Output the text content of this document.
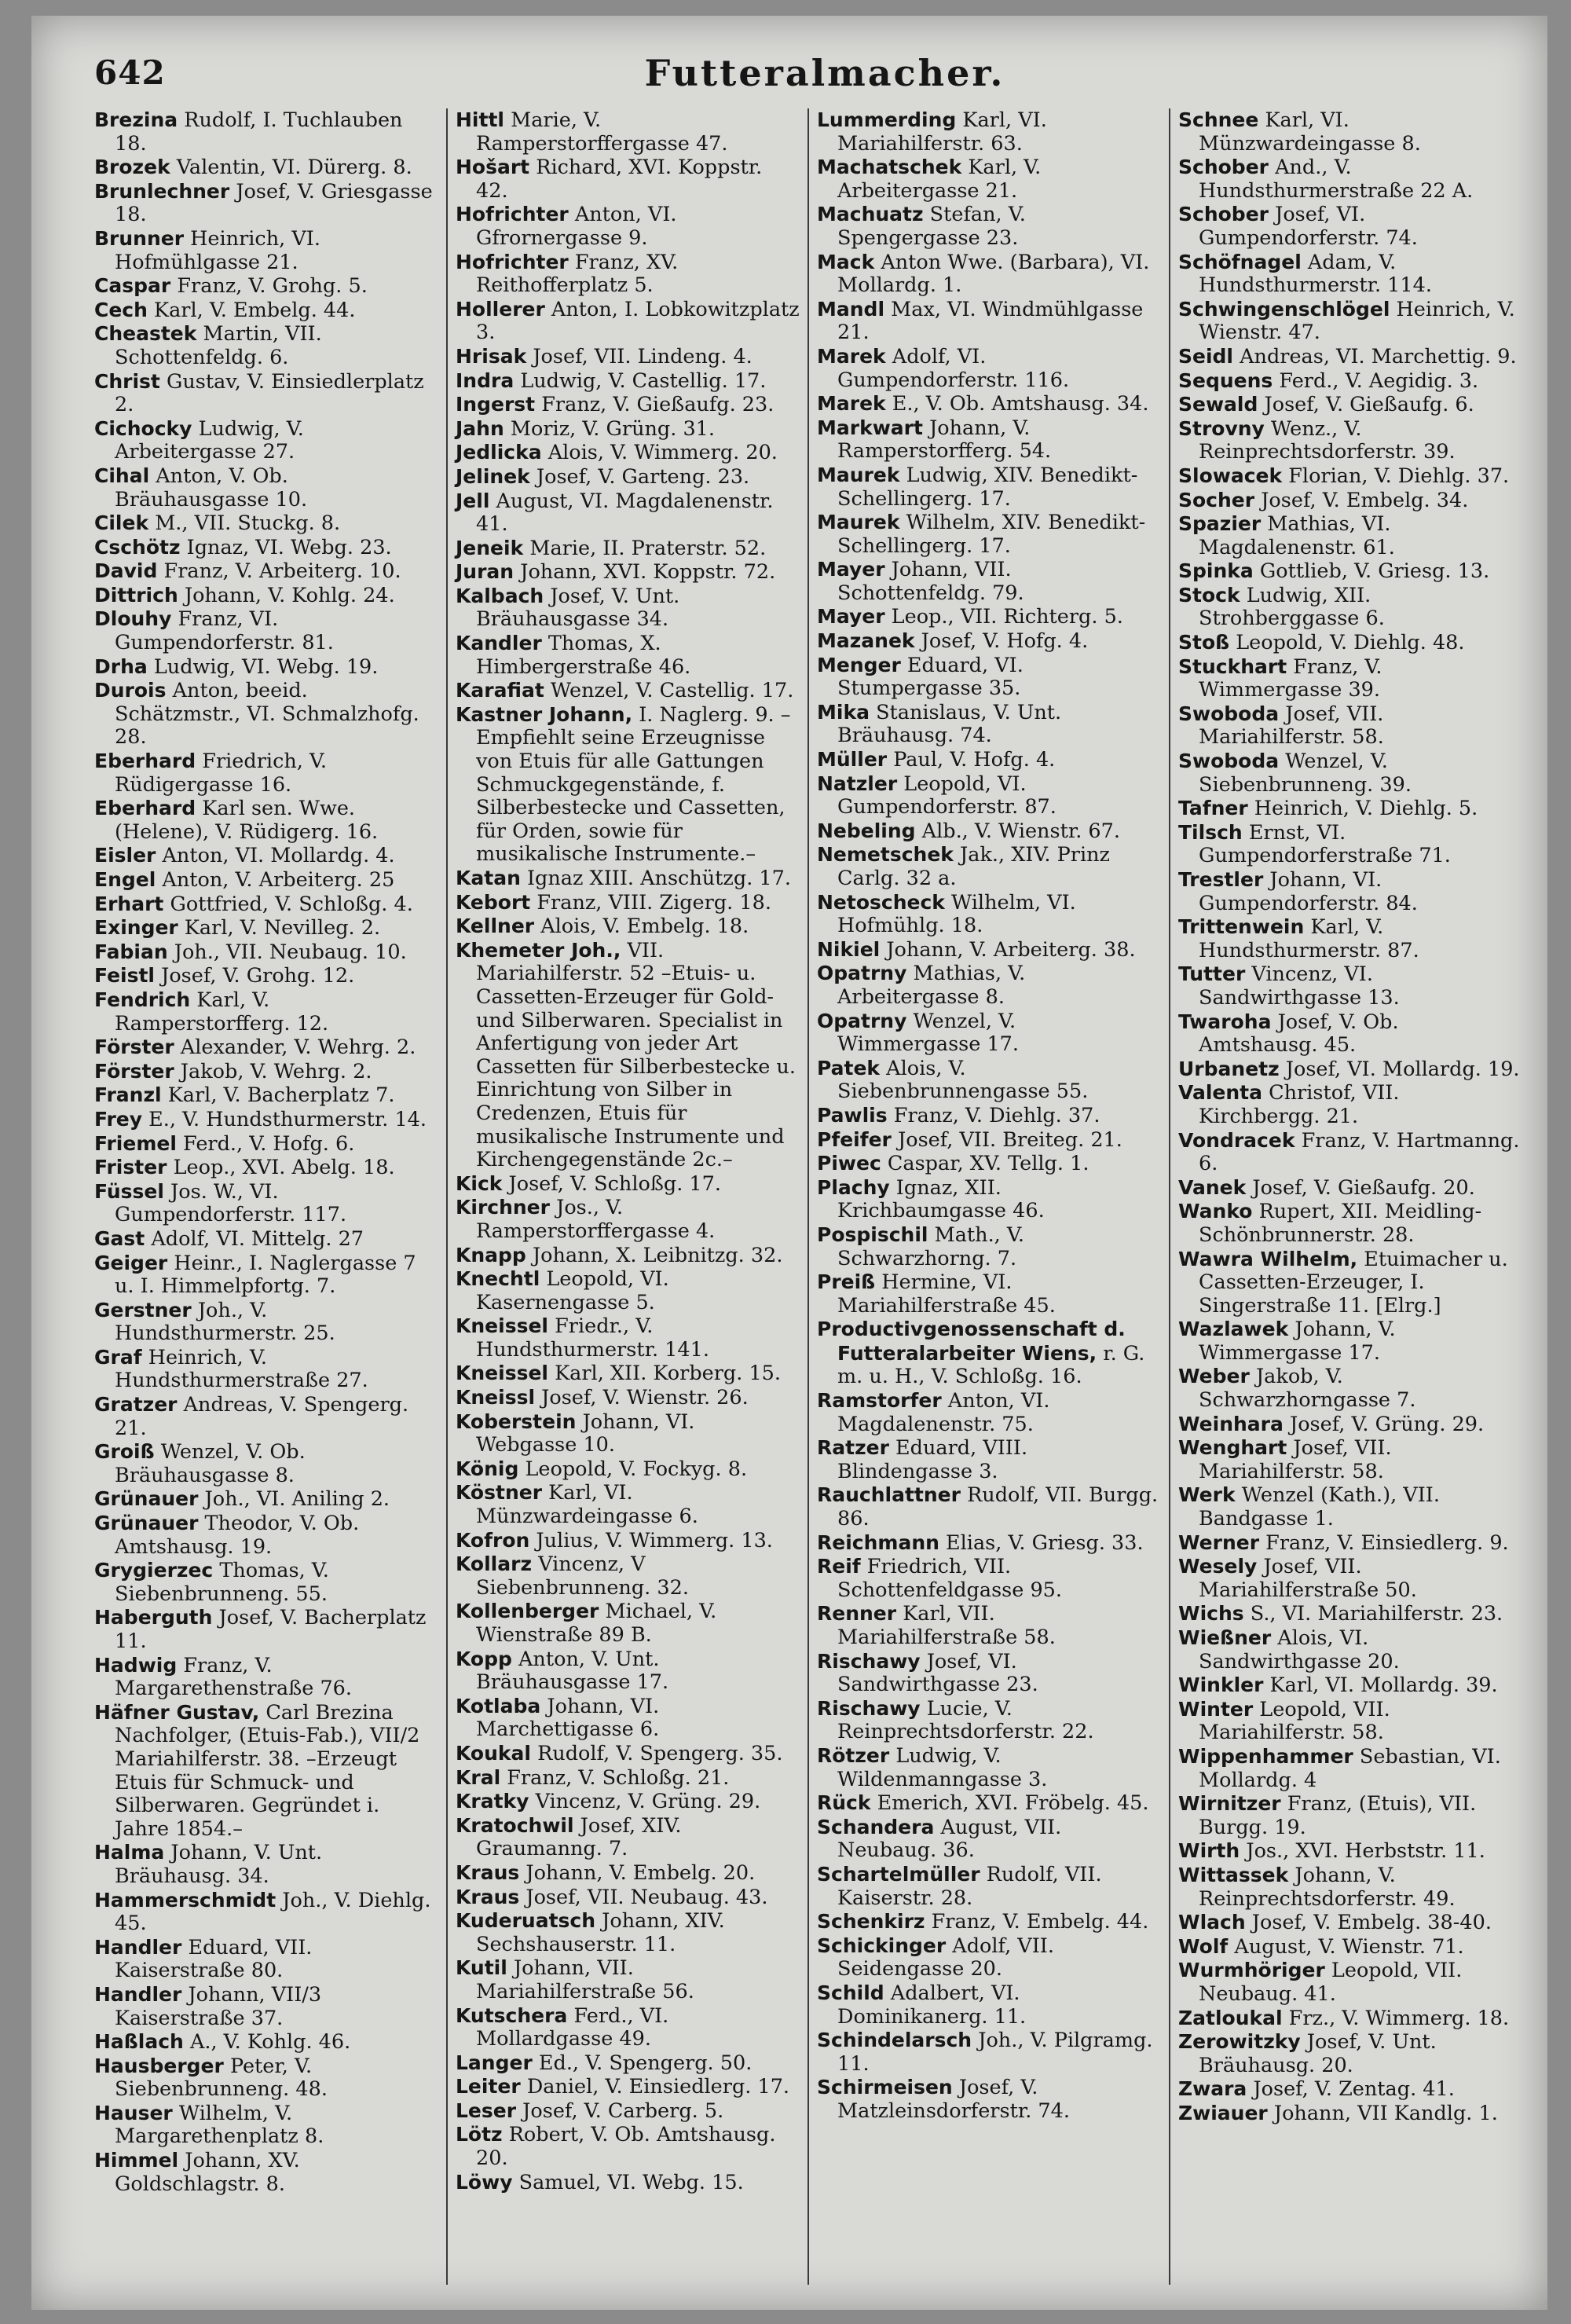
642	Futteralmacher.

Brezina Rudolf, I. Tuchlauben 18.

Brozek Valentin, VI. Dürerg. 8.

Brunlechner Josef, V. Griesgasse 18.

Brunner Heinrich, VI. Hofmühlgasse 21.

Caspar Franz, V. Grohg. 5.

Cech Karl, V. Embelg. 44.

Cheastek Martin, VII. Schottenfeldg. 6.

Christ Gustav, V. Einsiedlerplatz 2.

Cichocky Ludwig, V. Arbeitergasse 27.

Cihal Anton, V. Ob. Bräuhausgasse 10.

Cilek M., VII. Stuckg. 8.

Cschötz Ignaz, VI. Webg. 23.

David Franz, V. Arbeiterg. 10.

Dittrich Johann, V. Kohlg. 24.

Dlouhy Franz, VI. Gumpendorferstr. 81.

Drha Ludwig, VI. Webg. 19.

Durois Anton, beeid. Schätzmstr., VI. Schmalzhofg. 28.

Eberhard Friedrich, V. Rüdigergasse 16.

Eberhard Karl sen. Wwe. (Helene), V. Rüdigerg. 16.

Eisler Anton, VI. Mollardg. 4.

Engel Anton, V. Arbeiterg. 25

Erhart Gottfried, V. Schloßg. 4.

Exinger Karl, V. Nevilleg. 2.

Fabian Joh., VII. Neubaug. 10.

Feistl Josef, V. Grohg. 12.

Fendrich Karl, V. Ramperstorfferg. 12.

Förster Alexander, V. Wehrg. 2.

Förster Jakob, V. Wehrg. 2.

Franzl Karl, V. Bacherplatz 7.

Frey E., V. Hundsthurmerstr. 14.

Friemel Ferd., V. Hofg. 6.

Frister Leop., XVI. Abelg. 18.

Füssel Jos. W., VI. Gumpendorferstr. 117.

Gast Adolf, VI. Mittelg. 27

Geiger Heinr., I. Naglergasse 7 u. I. Himmelpfortg. 7.

Gerstner Joh., V. Hundsthurmerstr. 25.

Graf Heinrich, V. Hundsthurmerstraße 27.

Gratzer Andreas, V. Spengerg. 21.

Groiß Wenzel, V. Ob. Bräuhausgasse 8.

Grünauer Joh., VI. Aniling 2.

Grünauer Theodor, V. Ob. Amtshausg. 19.

Grygierzec Thomas, V. Siebenbrunneng. 55.

Haberguth Josef, V. Bacherplatz 11.

Hadwig Franz, V. Margarethenstraße 76.

Häfner Gustav, Carl Brezina Nachfolger, (Etuis-Fab.), VII/2 Mariahilferstr. 38. –Erzeugt Etuis für Schmuck- und Silberwaren. Gegründet i. Jahre 1854.–

Halma Johann, V. Unt. Bräuhausg. 34.

Hammerschmidt Joh., V. Diehlg. 45.

Handler Eduard, VII. Kaiserstraße 80.

Handler Johann, VII/3 Kaiserstraße 37.

Haßlach A., V. Kohlg. 46.

Hausberger Peter, V. Siebenbrunneng. 48.

Hauser Wilhelm, V. Margarethenplatz 8.

Himmel Johann, XV. Goldschlagstr. 8.

Hittl Marie, V. Ramperstorffergasse 47.

Hošart Richard, XVI. Koppstr. 42.

Hofrichter Anton, VI. Gfrornergasse 9.

Hofrichter Franz, XV. Reithofferplatz 5.

Hollerer Anton, I. Lobkowitzplatz 3.

Hrisak Josef, VII. Lindeng. 4.

Indra Ludwig, V. Castellig. 17.

Ingerst Franz, V. Gießaufg. 23.

Jahn Moriz, V. Grüng. 31.

Jedlicka Alois, V. Wimmerg. 20.

Jelinek Josef, V. Garteng. 23.

Jell August, VI. Magdalenenstr. 41.

Jeneik Marie, II. Praterstr. 52.

Juran Johann, XVI. Koppstr. 72.

Kalbach Josef, V. Unt. Bräuhausgasse 34.

Kandler Thomas, X. Himbergerstraße 46.

Karafiat Wenzel, V. Castellig. 17.

Kastner Johann, I. Naglerg. 9. –Empfiehlt seine Erzeugnisse von Etuis für alle Gattungen Schmuckgegenstände, f. Silberbestecke und Cassetten, für Orden, sowie für musikalische Instrumente.–

Katan Ignaz XIII. Anschützg. 17.

Kebort Franz, VIII. Zigerg. 18.

Kellner Alois, V. Embelg. 18.

Khemeter Joh., VII. Mariahilferstr. 52 –Etuis- u. Cassetten-Erzeuger für Gold- und Silberwaren. Specialist in Anfertigung von jeder Art Cassetten für Silberbestecke u. Einrichtung von Silber in Credenzen, Etuis für musikalische Instrumente und Kirchengegenstände 2c.–

Kick Josef, V. Schloßg. 17.

Kirchner Jos., V. Ramperstorffergasse 4.

Knapp Johann, X. Leibnitzg. 32.

Knechtl Leopold, VI. Kasernengasse 5.

Kneissel Friedr., V. Hundsthurmerstr. 141.

Kneissel Karl, XII. Korberg. 15.

Kneissl Josef, V. Wienstr. 26.

Koberstein Johann, VI. Webgasse 10.

König Leopold, V. Fockyg. 8.

Köstner Karl, VI. Münzwardeingasse 6.

Kofron Julius, V. Wimmerg. 13.

Kollarz Vincenz, V Siebenbrunneng. 32.

Kollenberger Michael, V. Wienstraße 89 B.

Kopp Anton, V. Unt. Bräuhausgasse 17.

Kotlaba Johann, VI. Marchettigasse 6.

Koukal Rudolf, V. Spengerg. 35.

Kral Franz, V. Schloßg. 21.

Kratky Vincenz, V. Grüng. 29.

Kratochwil Josef, XIV. Graumanng. 7.

Kraus Johann, V. Embelg. 20.

Kraus Josef, VII. Neubaug. 43.

Kuderuatsch Johann, XIV. Sechshauserstr. 11.

Kutil Johann, VII. Mariahilferstraße 56.

Kutschera Ferd., VI. Mollardgasse 49.

Langer Ed., V. Spengerg. 50.

Leiter Daniel, V. Einsiedlerg. 17.

Leser Josef, V. Carberg. 5.

Lötz Robert, V. Ob. Amtshausg. 20.

Löwy Samuel, VI. Webg. 15.

Lummerding Karl, VI. Mariahilferstr. 63.

Machatschek Karl, V. Arbeitergasse 21.

Machuatz Stefan, V. Spengergasse 23.

Mack Anton Wwe. (Barbara), VI. Mollardg. 1.

Mandl Max, VI. Windmühlgasse 21.

Marek Adolf, VI. Gumpendorferstr. 116.

Marek E., V. Ob. Amtshausg. 34.

Markwart Johann, V. Ramperstorfferg. 54.

Maurek Ludwig, XIV. Benedikt-Schellingerg. 17.

Maurek Wilhelm, XIV. Benedikt-Schellingerg. 17.

Mayer Johann, VII. Schottenfeldg. 79.

Mayer Leop., VII. Richterg. 5.

Mazanek Josef, V. Hofg. 4.

Menger Eduard, VI. Stumpergasse 35.

Mika Stanislaus, V. Unt. Bräuhausg. 74.

Müller Paul, V. Hofg. 4.

Natzler Leopold, VI. Gumpendorferstr. 87.

Nebeling Alb., V. Wienstr. 67.

Nemetschek Jak., XIV. Prinz Carlg. 32 a.

Netoscheck Wilhelm, VI. Hofmühlg. 18.

Nikiel Johann, V. Arbeiterg. 38.

Opatrny Mathias, V. Arbeitergasse 8.

Opatrny Wenzel, V. Wimmergasse 17.

Patek Alois, V. Siebenbrunnengasse 55.

Pawlis Franz, V. Diehlg. 37.

Pfeifer Josef, VII. Breiteg. 21.

Piwec Caspar, XV. Tellg. 1.

Plachy Ignaz, XII. Krichbaumgasse 46.

Pospischil Math., V. Schwarzhorng. 7.

Preiß Hermine, VI. Mariahilferstraße 45.

Productivgenossenschaft d. Futteralarbeiter Wiens, r. G. m. u. H., V. Schloßg. 16.

Ramstorfer Anton, VI. Magdalenenstr. 75.

Ratzer Eduard, VIII. Blindengasse 3.

Rauchlattner Rudolf, VII. Burgg. 86.

Reichmann Elias, V. Griesg. 33.

Reif Friedrich, VII. Schottenfeldgasse 95.

Renner Karl, VII. Mariahilferstraße 58.

Rischawy Josef, VI. Sandwirthgasse 23.

Rischawy Lucie, V. Reinprechtsdorferstr. 22.

Rötzer Ludwig, V. Wildenmanngasse 3.

Rück Emerich, XVI. Fröbelg. 45.

Schandera August, VII. Neubaug. 36.

Schartelmüller Rudolf, VII. Kaiserstr. 28.

Schenkirz Franz, V. Embelg. 44.

Schickinger Adolf, VII. Seidengasse 20.

Schild Adalbert, VI. Dominikanerg. 11.

Schindelarsch Joh., V. Pilgramg. 11.

Schirmeisen Josef, V. Matzleinsdorferstr. 74.

Schnee Karl, VI. Münzwardeingasse 8.

Schober And., V. Hundsthurmerstraße 22 A.

Schober Josef, VI. Gumpendorferstr. 74.

Schöfnagel Adam, V. Hundsthurmerstr. 114.

Schwingenschlögel Heinrich, V. Wienstr. 47.

Seidl Andreas, VI. Marchettig. 9.

Sequens Ferd., V. Aegidig. 3.

Sewald Josef, V. Gießaufg. 6.

Strovny Wenz., V. Reinprechtsdorferstr. 39.

Slowacek Florian, V. Diehlg. 37.

Socher Josef, V. Embelg. 34.

Spazier Mathias, VI. Magdalenenstr. 61.

Spinka Gottlieb, V. Griesg. 13.

Stock Ludwig, XII. Strohberggasse 6.

Stoß Leopold, V. Diehlg. 48.

Stuckhart Franz, V. Wimmergasse 39.

Swoboda Josef, VII. Mariahilferstr. 58.

Swoboda Wenzel, V. Siebenbrunneng. 39.

Tafner Heinrich, V. Diehlg. 5.

Tilsch Ernst, VI. Gumpendorferstraße 71.

Trestler Johann, VI. Gumpendorferstr. 84.

Trittenwein Karl, V. Hundsthurmerstr. 87.

Tutter Vincenz, VI. Sandwirthgasse 13.

Twaroha Josef, V. Ob. Amtshausg. 45.

Urbanetz Josef, VI. Mollardg. 19.

Valenta Christof, VII. Kirchbergg. 21.

Vondracek Franz, V. Hartmanng. 6.

Vanek Josef, V. Gießaufg. 20.

Wanko Rupert, XII. Meidling-Schönbrunnerstr. 28.

Wawra Wilhelm, Etuimacher u. Cassetten-Erzeuger, I. Singerstraße 11. [Elrg.]

Wazlawek Johann, V. Wimmergasse 17.

Weber Jakob, V. Schwarzhorngasse 7.

Weinhara Josef, V. Grüng. 29.

Wenghart Josef, VII. Mariahilferstr. 58.

Werk Wenzel (Kath.), VII. Bandgasse 1.

Werner Franz, V. Einsiedlerg. 9.

Wesely Josef, VII. Mariahilferstraße 50.

Wichs S., VI. Mariahilferstr. 23.

Wießner Alois, VI. Sandwirthgasse 20.

Winkler Karl, VI. Mollardg. 39.

Winter Leopold, VII. Mariahilferstr. 58.

Wippenhammer Sebastian, VI. Mollardg. 4

Wirnitzer Franz, (Etuis), VII. Burgg. 19.

Wirth Jos., XVI. Herbststr. 11.

Wittassek Johann, V. Reinprechtsdorferstr. 49.

Wlach Josef, V. Embelg. 38-40.

Wolf August, V. Wienstr. 71.

Wurmhöriger Leopold, VII. Neubaug. 41.

Zatloukal Frz., V. Wimmerg. 18.

Zerowitzky Josef, V. Unt. Bräuhausg. 20.

Zwara Josef, V. Zentag. 41.

Zwiauer Johann, VII Kandlg. 1.
